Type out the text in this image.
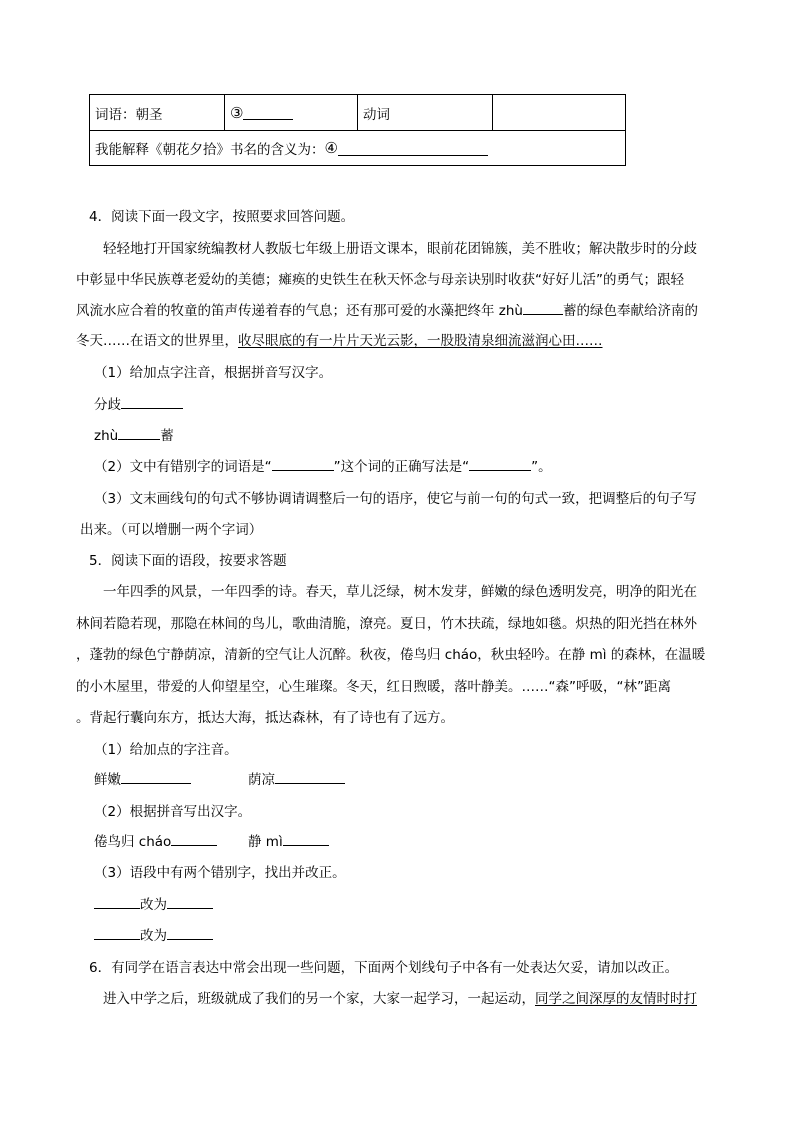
词语：朝圣	③	动词
我能解释《朝花夕拾》书名的含义为： ④
4．阅读下面一段文字，按照要求回答问题。
轻轻地打开国家统编教材人教版七年级上册语文课本，眼前花团锦簇，美不胜收；解决散步时的分歧
中彰显中华民族尊老爱幼的美德；瘫痪的史铁生在秋天怀念与母亲诀别时收获“好好儿活”的勇气；跟轻
风流水应合着的牧童的笛声传递着春的气息；还有那可爱的水藻把终年 zhù	蓄的绿色奉献给济南的
冬天……在语文的世界里，收尽眼底的有一片片天光云影，一股股清泉细流滋润心田……
（1）给加点字注音，根据拼音写汉字。
分歧
zhù	蓄
（2）文中有错别字的词语是“	”这个词的正确写法是“	”。
（3）文末画线句的句式不够协调请调整后一句的语序，使它与前一句的句式一致，把调整后的句子写
出来。（可以增删一两个字词）
5．阅读下面的语段，按要求答题
一年四季的风景，一年四季的诗。春天，草儿泛绿，树木发芽，鲜嫩的绿色透明发亮，明净的阳光在
林间若隐若现，那隐在林间的鸟儿，歌曲清脆，潦亮。夏日，竹木扶疏，绿地如毯。炽热的阳光挡在林外
，蓬勃的绿色宁静荫凉，清新的空气让人沉醉。秋夜，倦鸟归 cháo，秋虫轻吟。在静 mì 的森林，在温暖
的小木屋里，带爱的人仰望星空，心生璀璨。冬天，红日煦暖，落叶静美。……“森”呼吸，“林”距离
。背起行囊向东方，抵达大海，抵达森林，有了诗也有了远方。
（1）给加点的字注音。
鲜嫩	荫凉
（2）根据拼音写出汉字。
倦鸟归 cháo	静 mì
（3）语段中有两个错别字，找出并改正。
改为
改为
6．有同学在语言表达中常会出现一些问题，下面两个划线句子中各有一处表达欠妥，请加以改正。
进入中学之后，班级就成了我们的另一个家，大家一起学习，一起运动，同学之间深厚的友情时时打
